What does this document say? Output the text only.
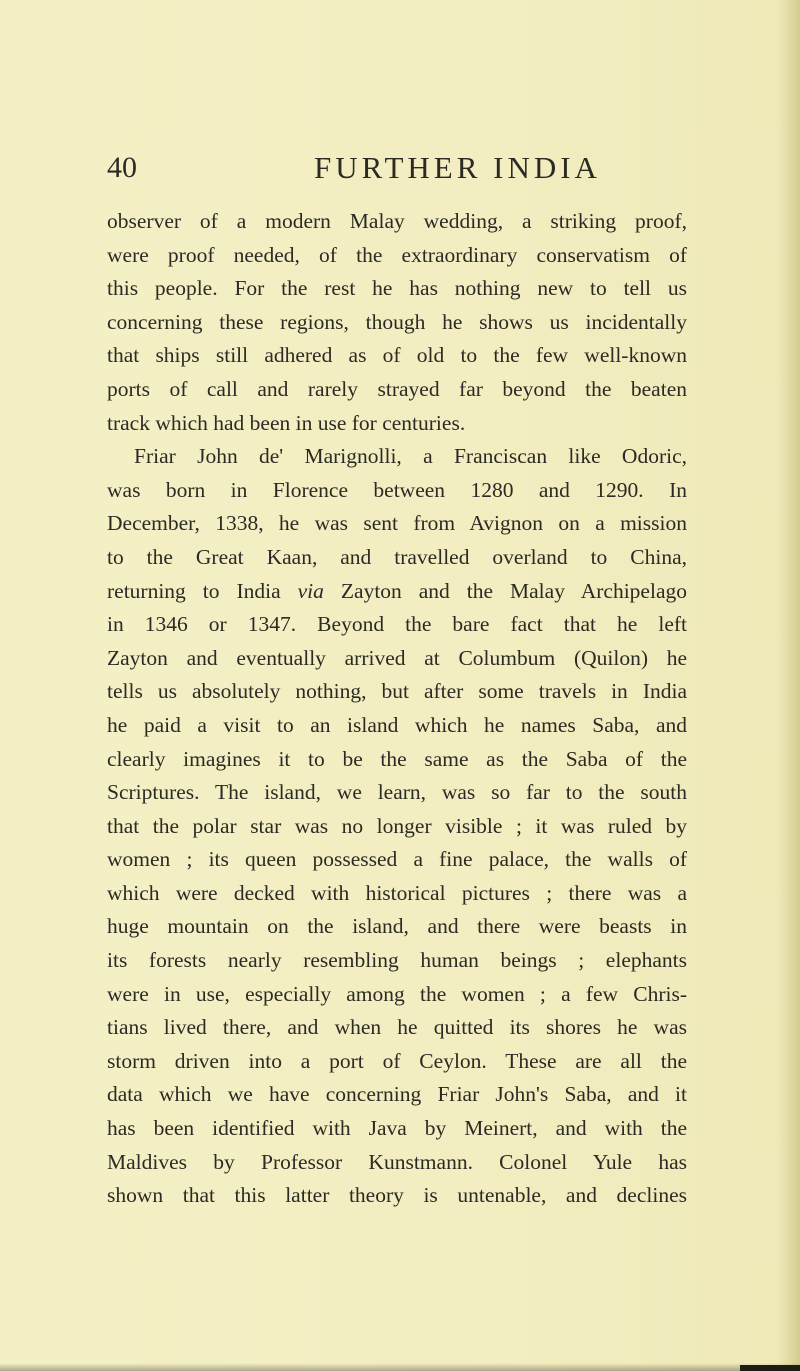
40	FURTHER INDIA
observer of a modern Malay wedding, a striking proof,
were proof needed, of the extraordinary conservatism of
this people. For the rest he has nothing new to tell us
concerning these regions, though he shows us incidentally
that ships still adhered as of old to the few well-known
ports of call and rarely strayed far beyond the beaten
track which had been in use for centuries.
Friar John de' Marignolli, a Franciscan like Odoric,
was born in Florence between 1280 and 1290. In
December, 1338, he was sent from Avignon on a mission
to the Great Kaan, and travelled overland to China,
returning to India via Zayton and the Malay Archipelago
in 1346 or 1347. Beyond the bare fact that he left
Zayton and eventually arrived at Columbum (Quilon) he
tells us absolutely nothing, but after some travels in India
he paid a visit to an island which he names Saba, and
clearly imagines it to be the same as the Saba of the
Scriptures. The island, we learn, was so far to the south
that the polar star was no longer visible ; it was ruled by
women ; its queen possessed a fine palace, the walls of
which were decked with historical pictures ; there was a
huge mountain on the island, and there were beasts in
its forests nearly resembling human beings ; elephants
were in use, especially among the women ; a few Chris-
tians lived there, and when he quitted its shores he was
storm driven into a port of Ceylon. These are all the
data which we have concerning Friar John's Saba, and it
has been identified with Java by Meinert, and with the
Maldives by Professor Kunstmann. Colonel Yule has
shown that this latter theory is untenable, and declines
